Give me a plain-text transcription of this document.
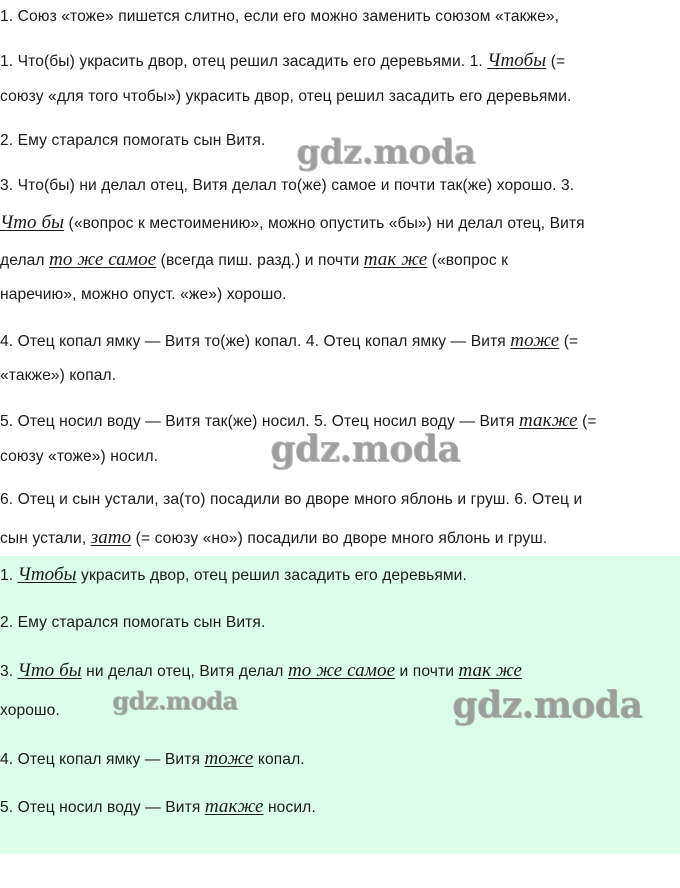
1. Союз «тоже» пишется слитно, если его можно заменить союзом «также»,

1. Что(бы) украсить двор, отец решил засадить его деревьями. 1. Чтобы (=

союзу «для того чтобы») украсить двор, отец решил засадить его деревьями.

2. Ему старался помогать сын Витя.

3. Что(бы) ни делал отец, Витя делал то(же) самое и почти так(же) хорошо. 3.

Что бы («вопрос к местоимению», можно опустить «бы») ни делал отец, Витя

делал то же самое (всегда пиш. разд.) и почти так же («вопрос к

наречию», можно опуст. «же») хорошо.

4. Отец копал ямку — Витя то(же) копал. 4. Отец копал ямку — Витя тоже (=

«также») копал.

5. Отец носил воду — Витя так(же) носил. 5. Отец носил воду — Витя также (=

союзу «тоже») носил.

6. Отец и сын устали, за(то) посадили во дворе много яблонь и груш. 6. Отец и

сын устали, зато (= союзу «но») посадили во дворе много яблонь и груш.

1. Чтобы украсить двор, отец решил засадить его деревьями.

2. Ему старался помогать сын Витя.

3. Что бы ни делал отец, Витя делал то же самое и почти так же

хорошо.

4. Отец копал ямку — Витя тоже копал.

5. Отец носил воду — Витя также носил.

gdz.moda
gdz.moda
gdz.moda	gdz.moda
